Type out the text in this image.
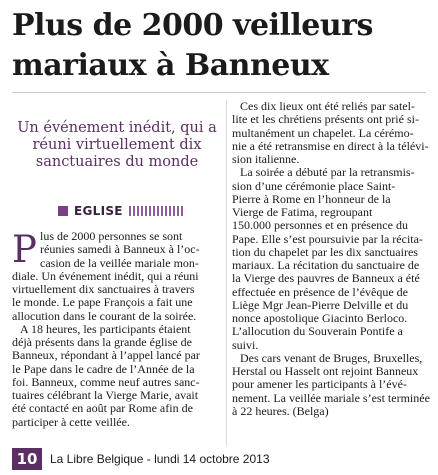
Plus de 2000 veilleurs
mariaux à Banneux

Un événement inédit, qui a
réuni virtuellement dix
sanctuaires du monde

EGLISE
P lus de 2000 personnes se sont
réunies samedi à Banneux à l’oc-
casion de la veillée mariale mon-
diale. Un événement inédit, qui a réuni
virtuellement dix sanctuaires à travers
le monde. Le pape François a fait une
allocution dans le courant de la soirée.
A 18 heures, les participants étaient
déjà présents dans la grande église de
Banneux, répondant à l’appel lancé par
le Pape dans le cadre de l’Année de la
foi. Banneux, comme neuf autres sanc-
tuaires célébrant la Vierge Marie, avait
été contacté en août par Rome afin de
participer à cette veillée.
Ces dix lieux ont été reliés par satel-
lite et les chrétiens présents ont prié si-
multanément un chapelet. La cérémo-
nie a été retransmise en direct à la télévi-
sion italienne.
La soirée a débuté par la retransmis-
sion d’une cérémonie place Saint-
Pierre à Rome en l’honneur de la
Vierge de Fatima, regroupant
150.000 personnes et en présence du
Pape. Elle s’est poursuivie par la récita-
tion du chapelet par les dix sanctuaires
mariaux. La récitation du sanctuaire de
la Vierge des pauvres de Banneux a été
effectuée en présence de l’évêque de
Liège Mgr Jean-Pierre Delville et du
nonce apostolique Giacinto Berloco.
L’allocution du Souverain Pontife a
suivi.
Des cars venant de Bruges, Bruxelles,
Herstal ou Hasselt ont rejoint Banneux
pour amener les participants à l’évé-
nement. La veillée mariale s’est terminée
à 22 heures. (Belga)
10	La Libre Belgique - lundi 14 octobre 2013
